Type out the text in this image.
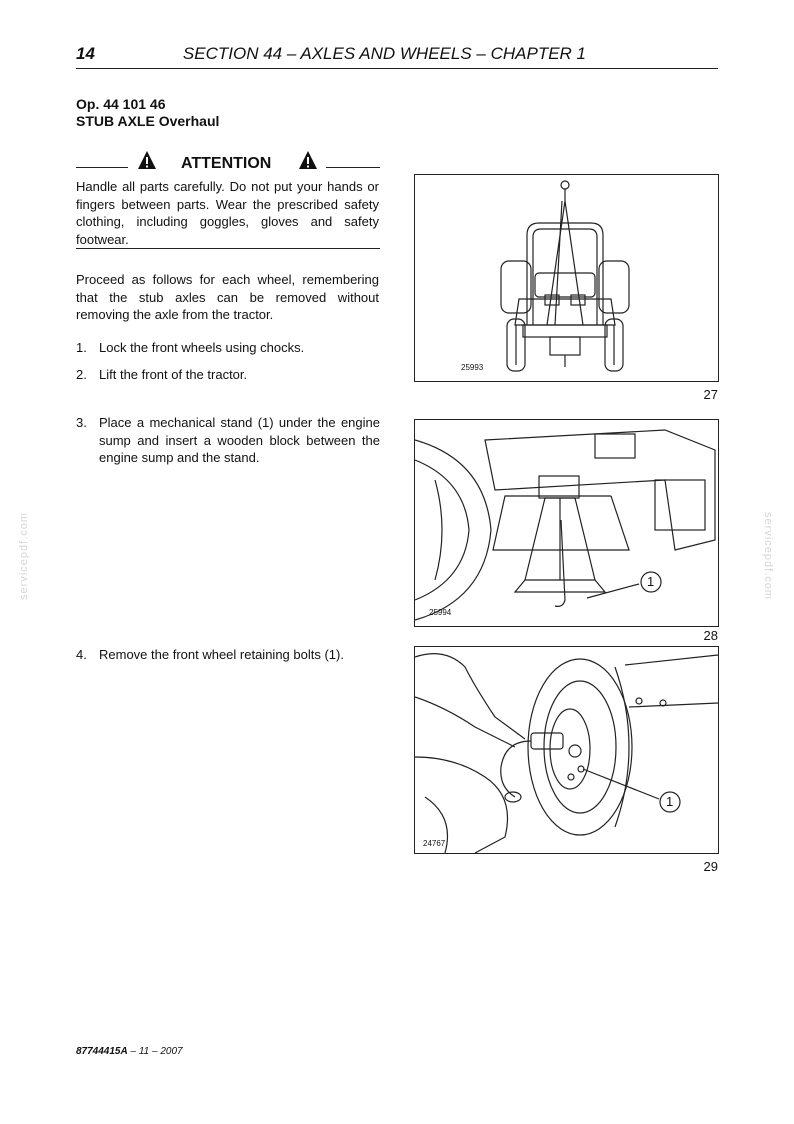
14	SECTION 44 – AXLES AND WHEELS – CHAPTER 1
Op. 44 101 46
STUB AXLE Overhaul
ATTENTION
Handle all parts carefully. Do not put your hands or fingers between parts. Wear the prescribed safety clothing, including goggles, gloves and safety footwear.
Proceed as follows for each wheel, remembering that the stub axles can be removed without removing the axle from the tractor.
1. Lock the front wheels using chocks.
2. Lift the front of the tractor.
3. Place a mechanical stand (1) under the engine sump and insert a wooden block between the engine sump and the stand.
4. Remove the front wheel retaining bolts (1).
25993
27
25994
1
28
24767
1
29
servicepdf.com	servicepdf.com
87744415A – 11 – 2007
